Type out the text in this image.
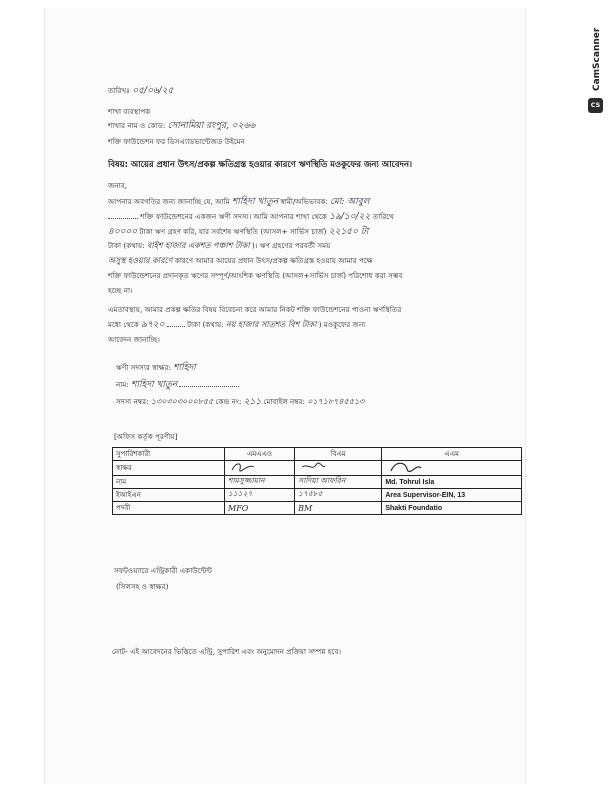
CamScanner
CS
তারিখঃ ০৫/০৬/২৫
শাখা ব্যবস্থাপক
শাখার নাম ও কোড: সোনামিয়া রংপুর, ০২৬৬
শক্তি ফাউন্ডেশন ফর ডিসএ্যাডভান্টেজড উইমেন
বিষয়: আয়ের প্রধান উৎস/প্রকল্প ক্ষতিগ্রস্ত হওয়ার কারণে ঋণস্থিতি মওকুফের জন্য আবেদন।
জনাব,
আপনার অবগতির জন্য জানাচ্ছি যে, আমি শাহিদা খাতুন স্বামী/অভিভাবক: মো: আবুল
শক্তি ফাউন্ডেশনের একজন ঋণী সদস্য। আমি আপনার শাখা থেকে ১৯/১০/২২ তারিখে
৪০০০০ টাকা ঋণ গ্রহণ করি, যার সর্বশেষ ঋণস্থিতি (আসল+ সার্ভিস চার্জ) ২২১৫০ টা
টাকা (কথায়: বাইশ হাজার একশত পঞ্চাশ টাকা )। ঋণ গ্রহণের পরবর্তী সময়
অসুস্থ হওয়ার কারণে কারণে আমার আয়ের প্রধান উৎস/প্রকল্প ক্ষতিগ্রস্ত হওয়ায় আমার পক্ষে
শক্তি ফাউন্ডেশনের প্রদানকৃত ঋণের সম্পূর্ণ/আংশিক ঋণস্থিতি (আসল+সার্ভিস চার্জ) পরিশোধ করা সম্ভব
হচ্ছে না।
এমতাবস্থায়, আমার প্রকল্প ক্ষতির বিষয় বিবেচনা করে আমার নিকট শক্তি ফাউন্ডেশনের পাওনা ঋণস্থিতির
মধ্যে থেকে ৯৭২০	টাকা (কথায়: নয় হাজার সাতশত বিশ টাকা ) মওকুফের জন্য
আবেদন জানাচ্ছি।
ঋণী সদস্যর স্বাক্ষর: শাহিদা
নাম: শাহিদা খাতুন
সদস্য নম্বর: ১৩০৩০৩০০০৮৫৫ কেন্দ্র নং: ২১১ মোবাইল নম্বর: ০১৭১৮৭৪৫৫১৩
[অফিস কর্তৃক পূরণীয়]
সুপারিশকারী	এমএএও	বিএম	এএম
স্বাক্ষর			
নাম	শামসুজ্জামান	সাদিয়া আফরিন	Md. Tohrul Isla
ইআইএন	১১১২৭	১৭৫৮৫	Area Supervisor-EIN, 13
পদবী	MFO	BM	Shakti Foundatio
সফটওয়্যারে এন্ট্রিকারী একাউন্টেন্ট
(সিলসহ ও স্বাক্ষর)
নোট- এই আবেদনের ভিত্তিতে এন্ট্রি, সুপারিশ এবং অনুমোদন প্রক্রিয়া সম্পন্ন হবে।
